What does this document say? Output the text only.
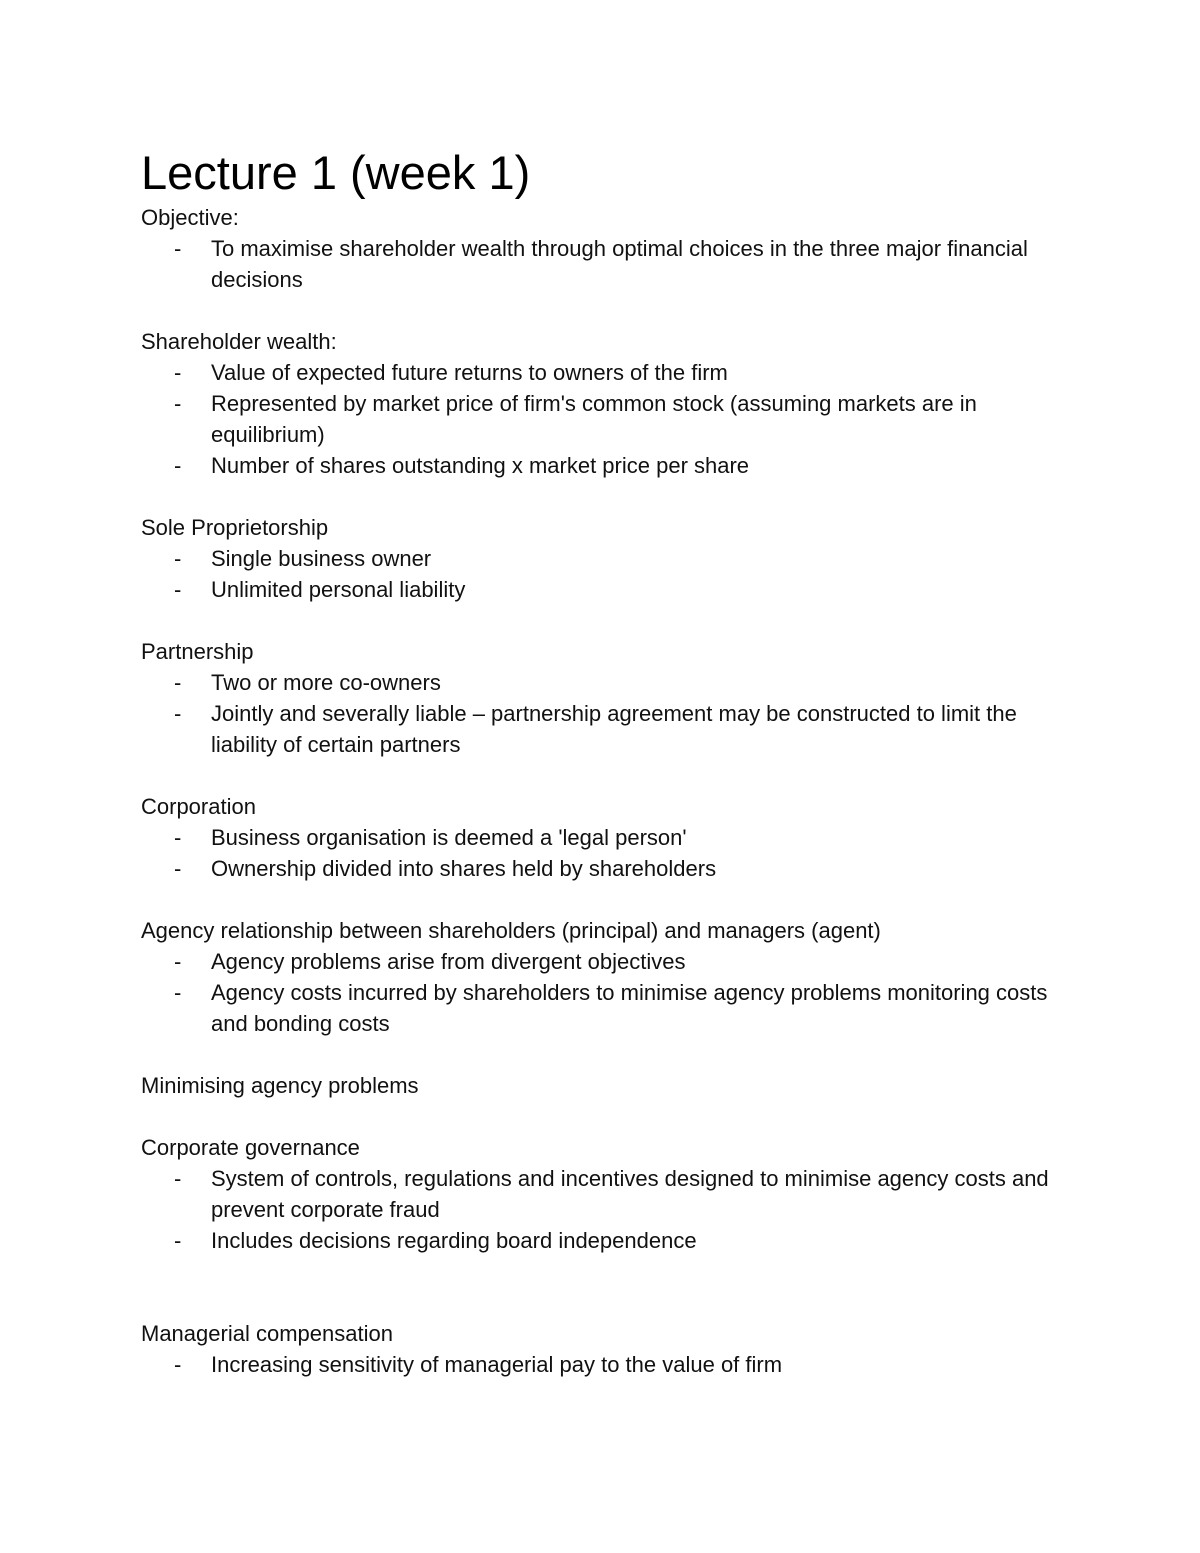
Lecture 1 (week 1)

Objective:

- To maximise shareholder wealth through optimal choices in the three major financial decisions

Shareholder wealth:

- Value of expected future returns to owners of the firm
- Represented by market price of firm's common stock (assuming markets are in equilibrium)
- Number of shares outstanding x market price per share

Sole Proprietorship

- Single business owner
- Unlimited personal liability

Partnership

- Two or more co-owners
- Jointly and severally liable – partnership agreement may be constructed to limit the liability of certain partners

Corporation

- Business organisation is deemed a 'legal person'
- Ownership divided into shares held by shareholders

Agency relationship between shareholders (principal) and managers (agent)

- Agency problems arise from divergent objectives
- Agency costs incurred by shareholders to minimise agency problems monitoring costs and bonding costs

Minimising agency problems

Corporate governance

- System of controls, regulations and incentives designed to minimise agency costs and prevent corporate fraud
- Includes decisions regarding board independence

Managerial compensation

- Increasing sensitivity of managerial pay to the value of firm
